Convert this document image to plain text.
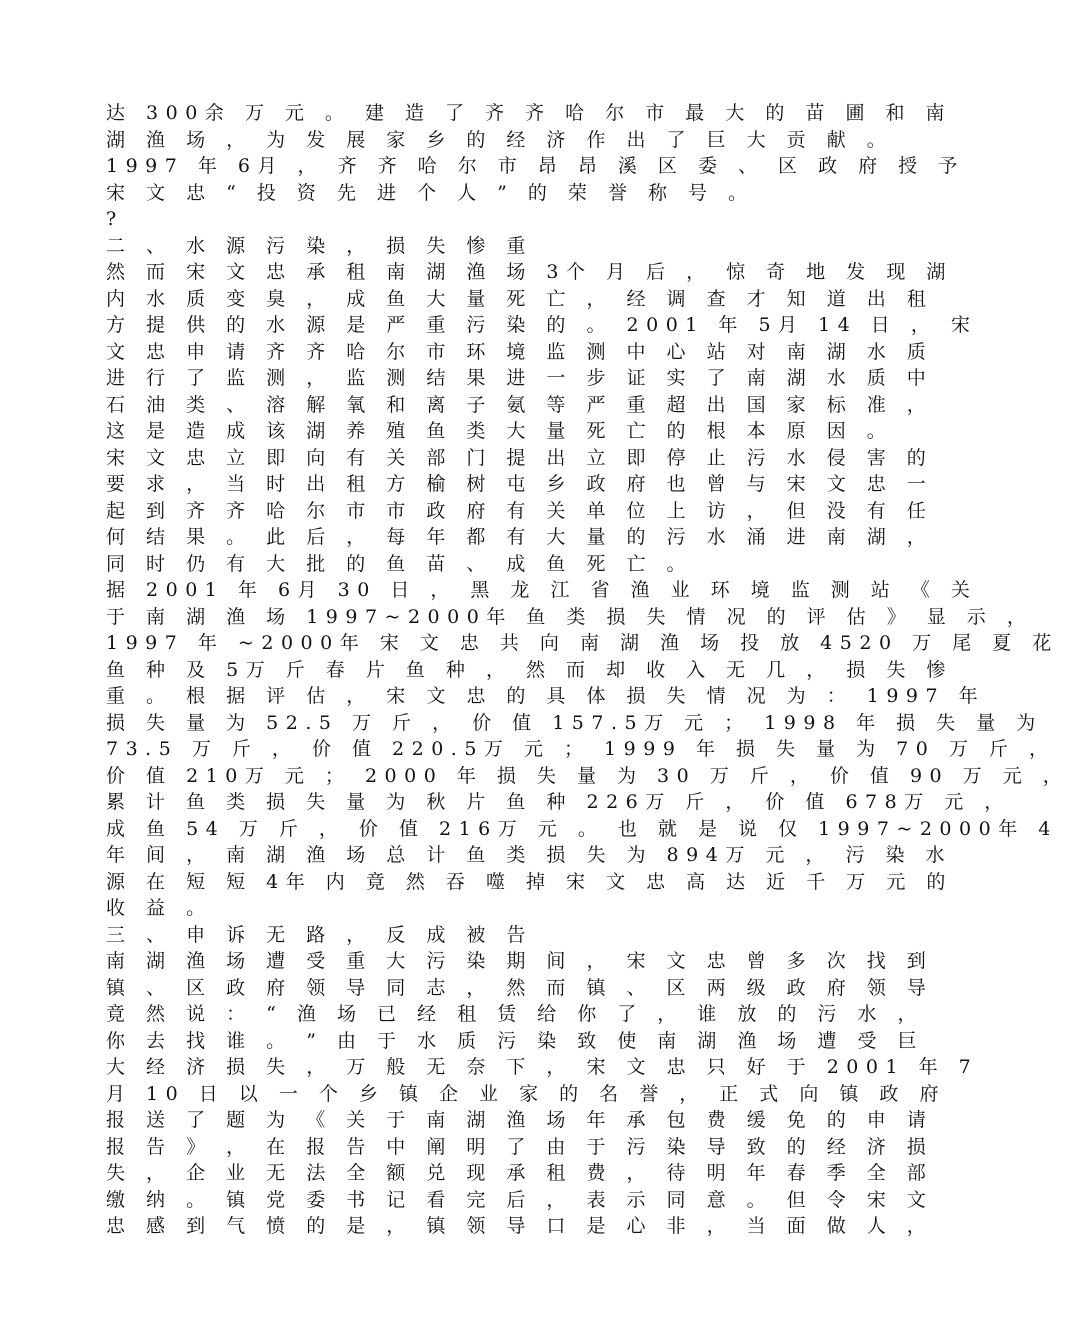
达 300余 万 元 。 建 造 了 齐 齐 哈 尔 市 最 大 的 苗 圃 和 南
湖 渔 场 ， 为 发 展 家 乡 的 经 济 作 出 了 巨 大 贡 献 。
1997 年 6月 ， 齐 齐 哈 尔 市 昂 昂 溪 区 委 、 区 政 府 授 予
宋 文 忠 “ 投 资 先 进 个 人 ” 的 荣 誉 称 号 。
?
二 、 水 源 污 染 ， 损 失 惨 重
然 而 宋 文 忠 承 租 南 湖 渔 场 3个 月 后 ， 惊 奇 地 发 现 湖
内 水 质 变 臭 ， 成 鱼 大 量 死 亡 ， 经 调 查 才 知 道 出 租
方 提 供 的 水 源 是 严 重 污 染 的 。 2001 年 5月 14 日 ， 宋
文 忠 申 请 齐 齐 哈 尔 市 环 境 监 测 中 心 站 对 南 湖 水 质
进 行 了 监 测 ， 监 测 结 果 进 一 步 证 实 了 南 湖 水 质 中
石 油 类 、 溶 解 氧 和 离 子 氨 等 严 重 超 出 国 家 标 准 ，
这 是 造 成 该 湖 养 殖 鱼 类 大 量 死 亡 的 根 本 原 因 。
宋 文 忠 立 即 向 有 关 部 门 提 出 立 即 停 止 污 水 侵 害 的
要 求 ， 当 时 出 租 方 榆 树 屯 乡 政 府 也 曾 与 宋 文 忠 一
起 到 齐 齐 哈 尔 市 市 政 府 有 关 单 位 上 访 ， 但 没 有 任
何 结 果 。 此 后 ， 每 年 都 有 大 量 的 污 水 涌 进 南 湖 ，
同 时 仍 有 大 批 的 鱼 苗 、 成 鱼 死 亡 。
据 2001 年 6月 30 日 ， 黑 龙 江 省 渔 业 环 境 监 测 站 《 关
于 南 湖 渔 场 1997~2000年 鱼 类 损 失 情 况 的 评 估 》 显 示 ，
1997 年 ~2000年 宋 文 忠 共 向 南 湖 渔 场 投 放 4520 万 尾 夏 花
鱼 种 及 5万 斤 春 片 鱼 种 ， 然 而 却 收 入 无 几 ， 损 失 惨
重 。 根 据 评 估 ， 宋 文 忠 的 具 体 损 失 情 况 为 ： 1997 年
损 失 量 为 52.5 万 斤 ， 价 值 157.5万 元 ； 1998 年 损 失 量 为
73.5 万 斤 ， 价 值 220.5万 元 ； 1999 年 损 失 量 为 70 万 斤 ，
价 值 210万 元 ； 2000 年 损 失 量 为 30 万 斤 ， 价 值 90 万 元 ，
累 计 鱼 类 损 失 量 为 秋 片 鱼 种 226万 斤 ， 价 值 678万 元 ，
成 鱼 54 万 斤 ， 价 值 216万 元 。 也 就 是 说 仅 1997~2000年 4
年 间 ， 南 湖 渔 场 总 计 鱼 类 损 失 为 894万 元 ， 污 染 水
源 在 短 短 4年 内 竟 然 吞 噬 掉 宋 文 忠 高 达 近 千 万 元 的
收 益 。
三 、 申 诉 无 路 ， 反 成 被 告
南 湖 渔 场 遭 受 重 大 污 染 期 间 ， 宋 文 忠 曾 多 次 找 到
镇 、 区 政 府 领 导 同 志 ， 然 而 镇 、 区 两 级 政 府 领 导
竟 然 说 ： “ 渔 场 已 经 租 赁 给 你 了 ， 谁 放 的 污 水 ，
你 去 找 谁 。 ” 由 于 水 质 污 染 致 使 南 湖 渔 场 遭 受 巨
大 经 济 损 失 ， 万 般 无 奈 下 ， 宋 文 忠 只 好 于 2001 年 7
月 10 日 以 一 个 乡 镇 企 业 家 的 名 誉 ， 正 式 向 镇 政 府
报 送 了 题 为 《 关 于 南 湖 渔 场 年 承 包 费 缓 免 的 申 请
报 告 》 ， 在 报 告 中 阐 明 了 由 于 污 染 导 致 的 经 济 损
失 ， 企 业 无 法 全 额 兑 现 承 租 费 ， 待 明 年 春 季 全 部
缴 纳 。 镇 党 委 书 记 看 完 后 ， 表 示 同 意 。 但 令 宋 文
忠 感 到 气 愤 的 是 ， 镇 领 导 口 是 心 非 ， 当 面 做 人 ，
